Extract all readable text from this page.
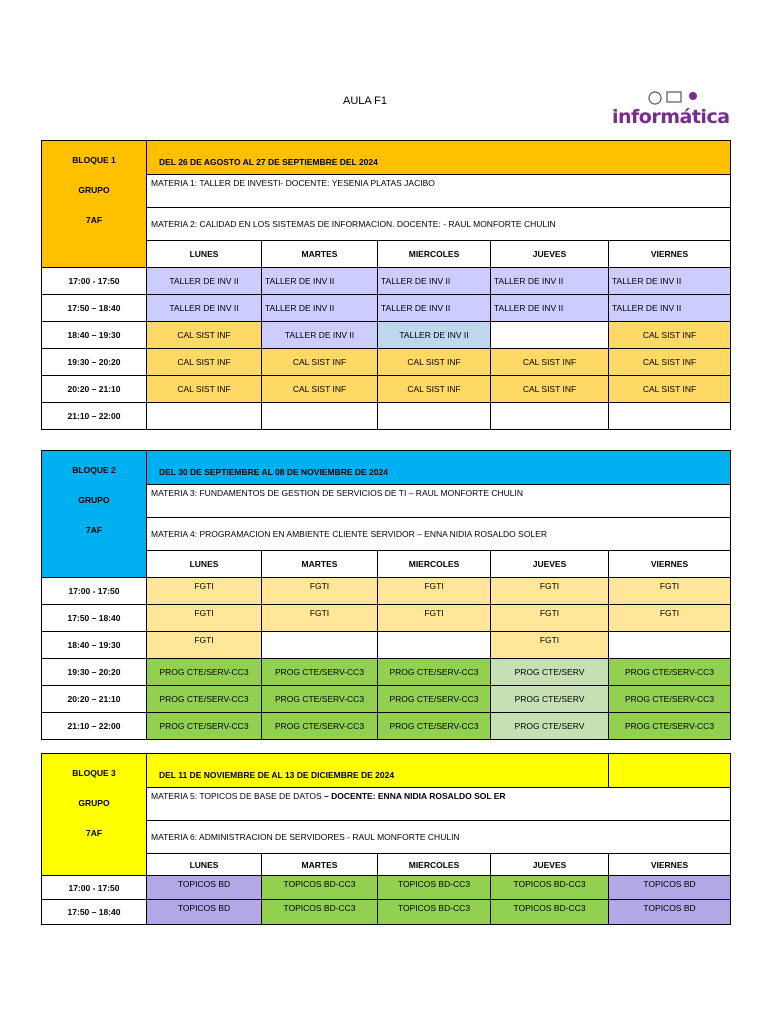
AULA F1
informática
BLOQUE 1
GRUPO
7AF	DEL 26 DE AGOSTO AL 27 DE SEPTIEMBRE DEL 2024				
	MATERIA 1: TALLER DE INVESTI- DOCENTE: YESENIA PLATAS JACIBO				
	MATERIA 2: CALIDAD EN LOS SISTEMAS DE INFORMACION. DOCENTE: - RAUL MONFORTE CHULIN				
	LUNES	MARTES	MIERCOLES	JUEVES	VIERNES
17:00 - 17:50	TALLER DE INV II	TALLER DE INV II	TALLER DE INV II	TALLER DE INV II	TALLER DE INV II
17:50 – 18:40	TALLER DE INV II	TALLER DE INV II	TALLER DE INV II	TALLER DE INV II	TALLER DE INV II
18:40 – 19:30	CAL SIST INF	TALLER DE INV II	TALLER DE INV II		CAL SIST INF
19:30 – 20:20	CAL SIST INF	CAL SIST INF	CAL SIST INF	CAL SIST INF	CAL SIST INF
20:20 – 21:10	CAL SIST INF	CAL SIST INF	CAL SIST INF	CAL SIST INF	CAL SIST INF
21:10 – 22:00					
BLOQUE 2
GRUPO
7AF	DEL 30 DE SEPTIEMBRE AL 08 DE NOVIEMBRE DE 2024				
	MATERIA 3: FUNDAMENTOS DE GESTION DE SERVICIOS DE TI – RAUL MONFORTE CHULIN				
	MATERIA 4: PROGRAMACION EN AMBIENTE CLIENTE SERVIDOR – ENNA NIDIA ROSALDO SOLER				
	LUNES	MARTES	MIERCOLES	JUEVES	VIERNES
17:00 - 17:50	FGTI	FGTI	FGTI	FGTI	FGTI
17:50 – 18:40	FGTI	FGTI	FGTI	FGTI	FGTI
18:40 – 19:30	FGTI			FGTI	
19:30 – 20:20	PROG CTE/SERV-CC3	PROG CTE/SERV-CC3	PROG CTE/SERV-CC3	PROG CTE/SERV	PROG CTE/SERV-CC3
20:20 – 21:10	PROG CTE/SERV-CC3	PROG CTE/SERV-CC3	PROG CTE/SERV-CC3	PROG CTE/SERV	PROG CTE/SERV-CC3
21:10 – 22:00	PROG CTE/SERV-CC3	PROG CTE/SERV-CC3	PROG CTE/SERV-CC3	PROG CTE/SERV	PROG CTE/SERV-CC3
BLOQUE 3
GRUPO
7AF	DEL 11 DE NOVIEMBRE DE AL 13 DE DICIEMBRE DE 2024				
	MATERIA 5: TOPICOS DE BASE DE DATOS – DOCENTE: ENNA NIDIA ROSALDO SOL ER				
	MATERIA 6: ADMINISTRACION DE SERVIDORES - RAUL MONFORTE CHULIN				
	LUNES	MARTES	MIERCOLES	JUEVES	VIERNES
17:00 - 17:50	TOPICOS BD	TOPICOS BD-CC3	TOPICOS BD-CC3	TOPICOS BD-CC3	TOPICOS BD
17:50 – 18:40	TOPICOS BD	TOPICOS BD-CC3	TOPICOS BD-CC3	TOPICOS BD-CC3	TOPICOS BD
